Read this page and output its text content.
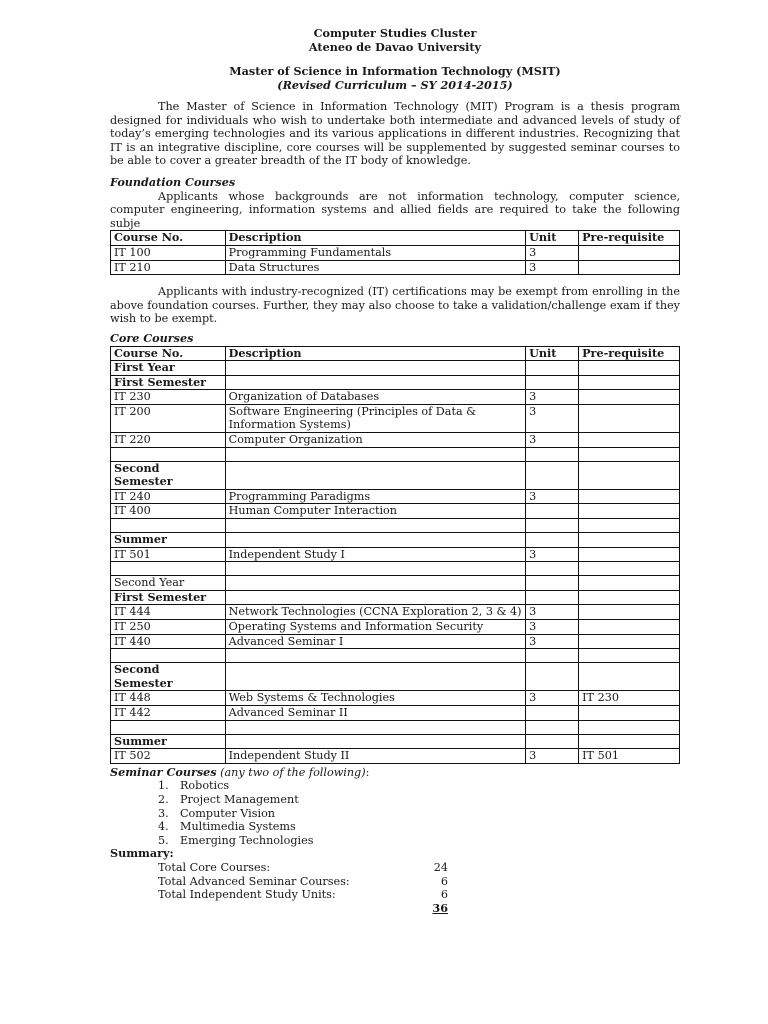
Computer Studies Cluster
Ateneo de Davao University
Master of Science in Information Technology (MSIT)
(Revised Curriculum – SY 2014-2015)

The Master of Science in Information Technology (MIT) Program is a thesis program designed for individuals who wish to undertake both intermediate and advanced levels of study of today’s emerging technologies and its various applications in different industries. Recognizing that IT is an integrative discipline, core courses will be supplemented by suggested seminar courses to be able to cover a greater breadth of the IT body of knowledge.

Foundation Courses

Applicants whose backgrounds are not information technology, computer science, computer engineering, information systems and allied fields are required to take the following subje

Course No.	Description	Unit	Pre-requisite
IT 100	Programming Fundamentals	3	
IT 210	Data Structures	3	

Applicants with industry-recognized (IT) certifications may be exempt from enrolling in the above foundation courses. Further, they may also choose to take a validation/challenge exam if they wish to be exempt.

Core Courses
Course No.	Description	Unit	Pre-requisite
First Year			
First Semester			
IT 230	Organization of Databases	3	
IT 200	Software Engineering (Principles of Data & Information Systems)	3	
IT 220	Computer Organization	3	

Second Semester			
IT 240	Programming Paradigms	3	
IT 400	Human Computer Interaction		

Summer			
IT 501	Independent Study I	3	

Second Year			
First Semester			
IT 444	Network Technologies (CCNA Exploration 2, 3 & 4)	3	
IT 250	Operating Systems and Information Security	3	
IT 440	Advanced Seminar I	3	

Second Semester			
IT 448	Web Systems & Technologies	3	IT 230
IT 442	Advanced Seminar II		

Summer			
IT 502	Independent Study II	3	IT 501
Seminar Courses (any two of the following):
1.	Robotics
2.	Project Management
3.	Computer Vision
4.	Multimedia Systems
5.	Emerging Technologies
Summary:
Total Core Courses:	24
Total Advanced Seminar Courses:	6
Total Independent Study Units:	6
36
